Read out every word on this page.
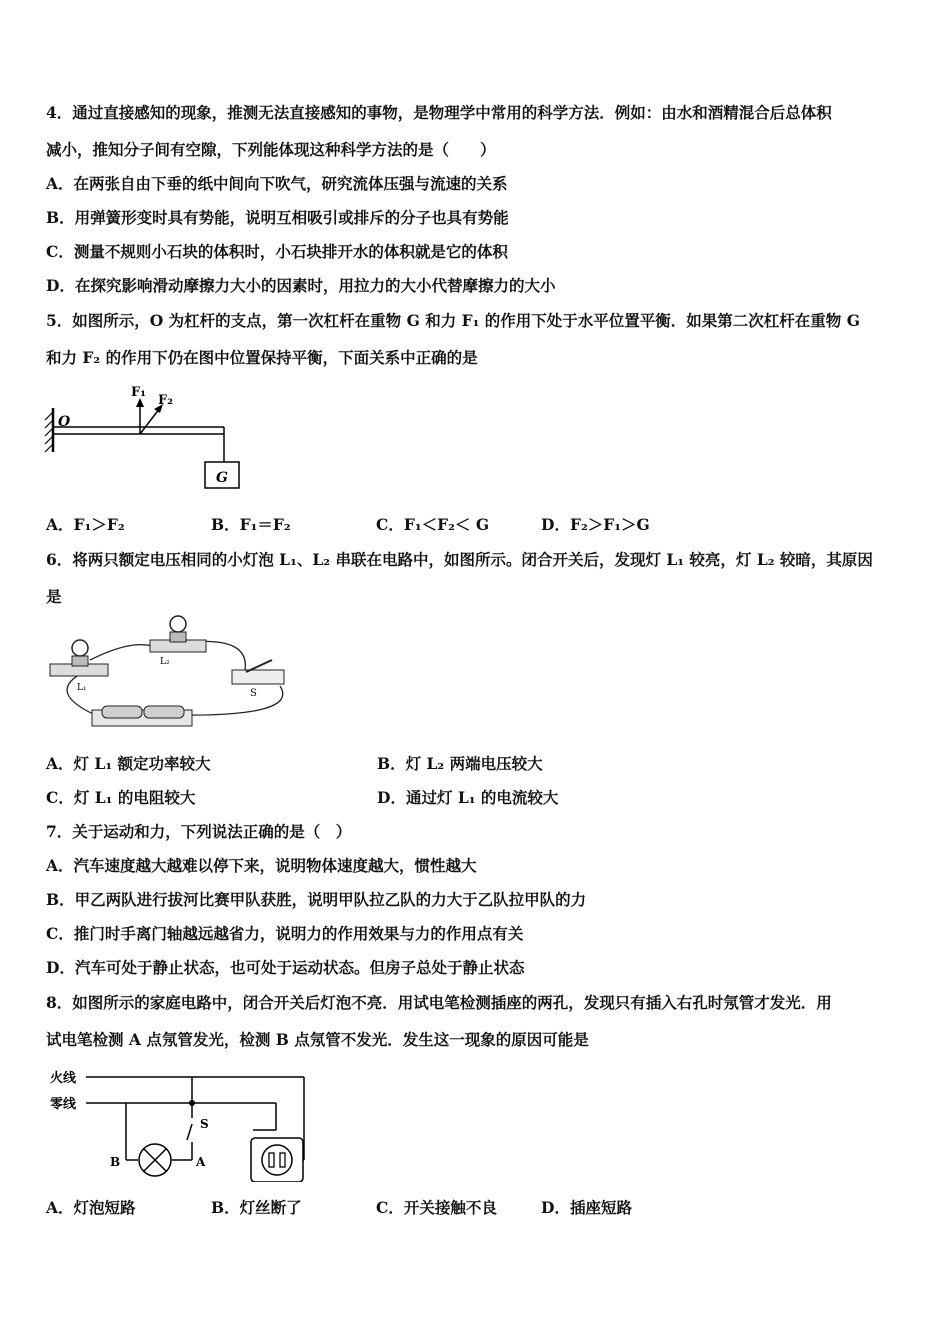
4．通过直接感知的现象，推测无法直接感知的事物，是物理学中常用的科学方法．例如：由水和酒精混合后总体积
减小，推知分子间有空隙，下列能体现这种科学方法的是（　　）
A．在两张自由下垂的纸中间向下吹气，研究流体压强与流速的关系
B．用弹簧形变时具有势能，说明互相吸引或排斥的分子也具有势能
C．测量不规则小石块的体积时，小石块排开水的体积就是它的体积
D．在探究影响滑动摩擦力大小的因素时，用拉力的大小代替摩擦力的大小
5．如图所示，O 为杠杆的支点，第一次杠杆在重物 G 和力 F₁ 的作用下处于水平位置平衡．如果第二次杠杆在重物 G
和力 F₂ 的作用下仍在图中位置保持平衡，下面关系中正确的是
G
O
F₁
F₂
A．F₁＞F₂	B．F₁＝F₂	C．F₁＜F₂＜ G	D．F₂＞F₁＞G
6．将两只额定电压相同的小灯泡 L₁、L₂ 串联在电路中，如图所示。闭合开关后，发现灯 L₁ 较亮，灯 L₂ 较暗，其原因
是
L₁
L₂
S
A．灯 L₁ 额定功率较大	B．灯 L₂ 两端电压较大
C．灯 L₁ 的电阻较大	D．通过灯 L₁ 的电流较大
7．关于运动和力，下列说法正确的是（　）
A．汽车速度越大越难以停下来，说明物体速度越大，惯性越大
B．甲乙两队进行拔河比赛甲队获胜，说明甲队拉乙队的力大于乙队拉甲队的力
C．推门时手离门轴越远越省力，说明力的作用效果与力的作用点有关
D．汽车可处于静止状态，也可处于运动状态。但房子总处于静止状态
8．如图所示的家庭电路中，闭合开关后灯泡不亮．用试电笔检测插座的两孔，发现只有插入右孔时氖管才发光．用
试电笔检测 A 点氖管发光，检测 B 点氖管不发光．发生这一现象的原因可能是
火线
零线
S
B	A
A．灯泡短路	B．灯丝断了	C．开关接触不良	D．插座短路
